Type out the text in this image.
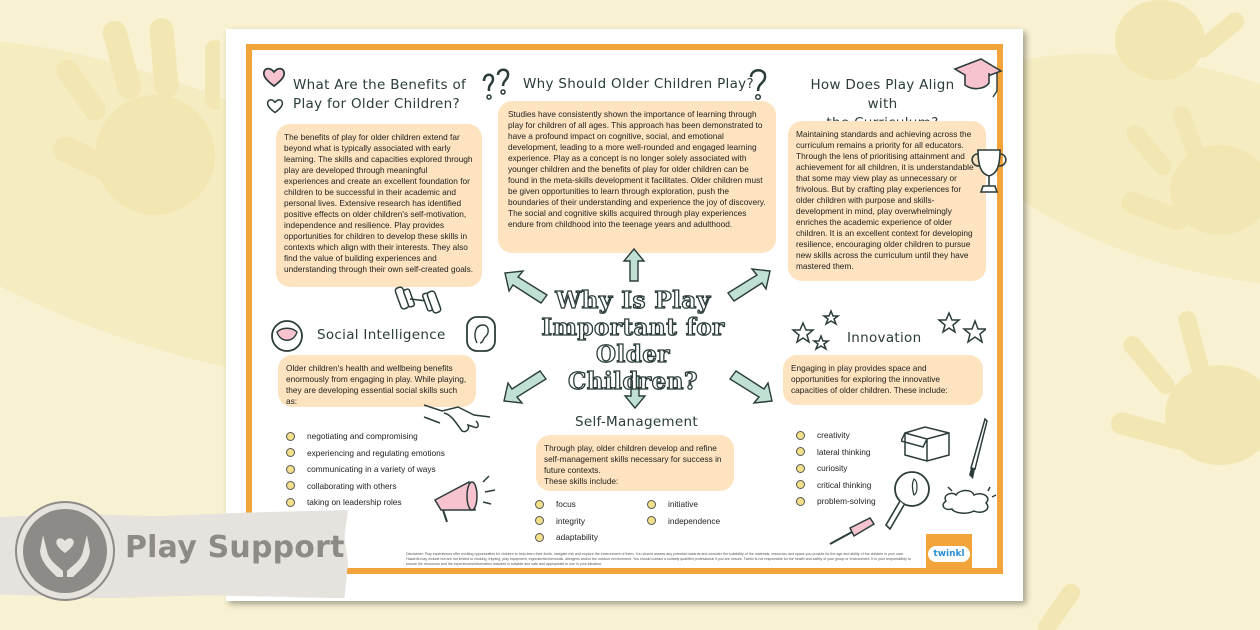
What Are the Benefits of
Play for Older Children?
The benefits of play for older children extend far beyond what is typically associated with early learning. The skills and capacities explored through play are developed through meaningful experiences and create an excellent foundation for children to be successful in their academic and personal lives. Extensive research has identified positive effects on older children's self-motivation, independence and resilience. Play provides opportunities for children to develop these skills in contexts which align with their interests. They also find the value of building experiences and understanding through their own self-created goals.
Why Should Older Children Play?
Studies have consistently shown the importance of learning through play for children of all ages. This approach has been demonstrated to have a profound impact on cognitive, social, and emotional development, leading to a more well-rounded and engaged learning experience. Play as a concept is no longer solely associated with younger children and the benefits of play for older children can be found in the meta-skills development it facilitates. Older children must be given opportunities to learn through exploration, push the boundaries of their understanding and experience the joy of discovery. The social and cognitive skills acquired through play experiences endure from childhood into the teenage years and adulthood.
How Does Play Align with
Maintaining standards and achieving across the curriculum remains a priority for all educators. Through the lens of prioritising attainment and achievement for all children, it is understandable that some may view play as unnecessary or frivolous. But by crafting play experiences for older children with purpose and skills-development in mind, play overwhelmingly enriches the academic experience of older children. It is an excellent context for developing resilience, encouraging older children to pursue new skills across the curriculum until they have mastered them.
Why Is Play Important for Older Children?
Social Intelligence
Older children's health and wellbeing benefits enormously from engaging in play. While playing, they are developing essential social skills such as:
negotiating and compromising
experiencing and regulating emotions
communicating in a variety of ways
collaborating with others
taking on leadership roles
Self-Management
Through play, older children develop and refine self-management skills necessary for success in future contexts.
These skills include:
focus
integrity
adaptability
initiative
independence
Innovation
Engaging in play provides space and opportunities for exploring the innovative capacities of older children. These include:
creativity
lateral thinking
curiosity
critical thinking
problem-solving
Disclaimer: Play experiences offer exciting opportunities for children to help learn their limits, navigate risk and explore the environment of them. You should assess any potential hazards and consider the suitability of the materials, resources and space you provide for the age and ability of the children in your care. Hazards may include but are not limited to choking, tripping, play equipment, ingredients/chemicals, allergens and/or the outdoor environment. You should contact a suitably qualified professional if you are unsure. Twinkl is not responsible for the health and safety of your group or environment. It is your responsibility to ensure the resources and the experiences/information included is suitable and safe and appropriate to use in your situation.
twinkl
Play Support
